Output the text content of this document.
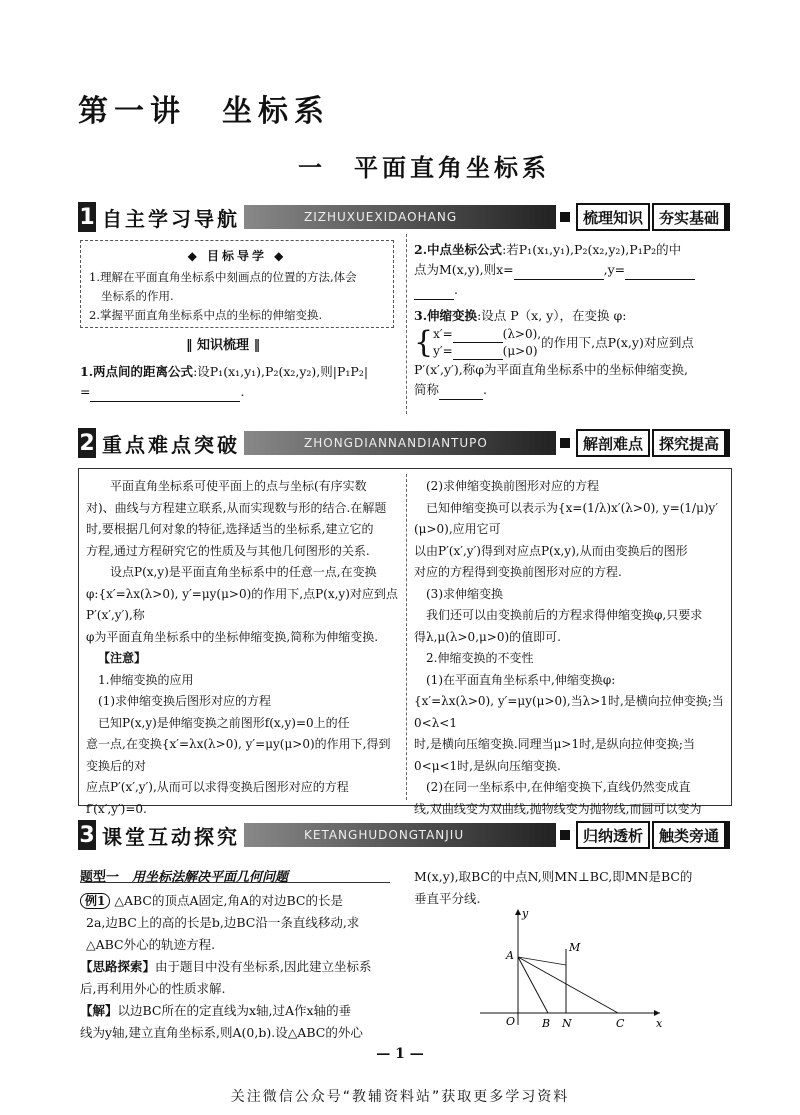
第一讲　坐标系
一　平面直角坐标系
1 自主学习导航	ZIZHUXUEXIDAOHANG	梳理知识	夯实基础
◆ 目标导学 ◆
1.理解在平面直角坐标系中刻画点的位置的方法,体会
坐标系的作用.
2.掌握平面直角坐标系中点的坐标的伸缩变换.
‖ 知识梳理 ‖

1.两点间的距离公式:设P₁(x₁,y₁),P₂(x₂,y₂),则|P₁P₂|

=	.

2.中点坐标公式:若P₁(x₁,y₁),P₂(x₂,y₂),P₁P₂的中

点为M(x,y),则x=	,y=

.

3.伸缩变换:设点 P（x, y），在变换 φ:

{ x′=	(λ>0),
y′=	(μ>0)
的作用下,点P(x,y)对应到点

P′(x′,y′),称φ为平面直角坐标系中的坐标伸缩变换,

简称	.

2 重点难点突破	ZHONGDIANNANDIANTUPO	解剖难点	探究提高

平面直角坐标系可使平面上的点与坐标(有序实数

对)、曲线与方程建立联系,从而实现数与形的结合.在解题

时,要根据几何对象的特征,选择适当的坐标系,建立它的

方程,通过方程研究它的性质及与其他几何图形的关系.

设点P(x,y)是平面直角坐标系中的任意一点,在变换

φ:{x′=λx(λ>0), y′=μy(μ>0)的作用下,点P(x,y)对应到点P′(x′,y′),称

φ为平面直角坐标系中的坐标伸缩变换,简称为伸缩变换.

【注意】

1.伸缩变换的应用

(1)求伸缩变换后图形对应的方程

已知P(x,y)是伸缩变换之前图形f(x,y)=0上的任

意一点,在变换{x′=λx(λ>0), y′=μy(μ>0)的作用下,得到变换后的对

应点P′(x′,y′),从而可以求得变换后图形对应的方程

f′(x′,y′)=0.

(2)求伸缩变换前图形对应的方程

已知伸缩变换可以表示为{x=(1/λ)x′(λ>0), y=(1/μ)y′(μ>0),应用它可

以由P′(x′,y′)得到对应点P(x,y),从而由变换后的图形

对应的方程得到变换前图形对应的方程.

(3)求伸缩变换

我们还可以由变换前后的方程求得伸缩变换φ,只要求

得λ,μ(λ>0,μ>0)的值即可.

2.伸缩变换的不变性

(1)在平面直角坐标系中,伸缩变换φ:

{x′=λx(λ>0), y′=μy(μ>0),当λ>1时,是横向拉伸变换;当0<λ<1

时,是横向压缩变换.同理当μ>1时,是纵向拉伸变换;当

0<μ<1时,是纵向压缩变换.

(2)在同一坐标系中,在伸缩变换下,直线仍然变成直

线,双曲线变为双曲线,抛物线变为抛物线,而圆可以变为

3 课堂互动探究	KETANGHUDONGTANJIU	归纳透析	触类旁通
题型一　 用坐标法解决平面几何问题

例1 △ABC的顶点A固定,角A的对边BC的长是

2a,边BC上的高的长是b,边BC沿一条直线移动,求

△ABC外心的轨迹方程.

【思路探索】由于题目中没有坐标系,因此建立坐标系

后,再利用外心的性质求解.

【解】以边BC所在的定直线为x轴,过A作x轴的垂

线为y轴,建立直角坐标系,则A(0,b).设△ABC的外心

M(x,y),取BC的中点N,则MN⊥BC,即MN是BC的

垂直平分线.

y
x
A
M
O B N	C
— 1 —
关注微信公众号“教辅资料站”获取更多学习资料
